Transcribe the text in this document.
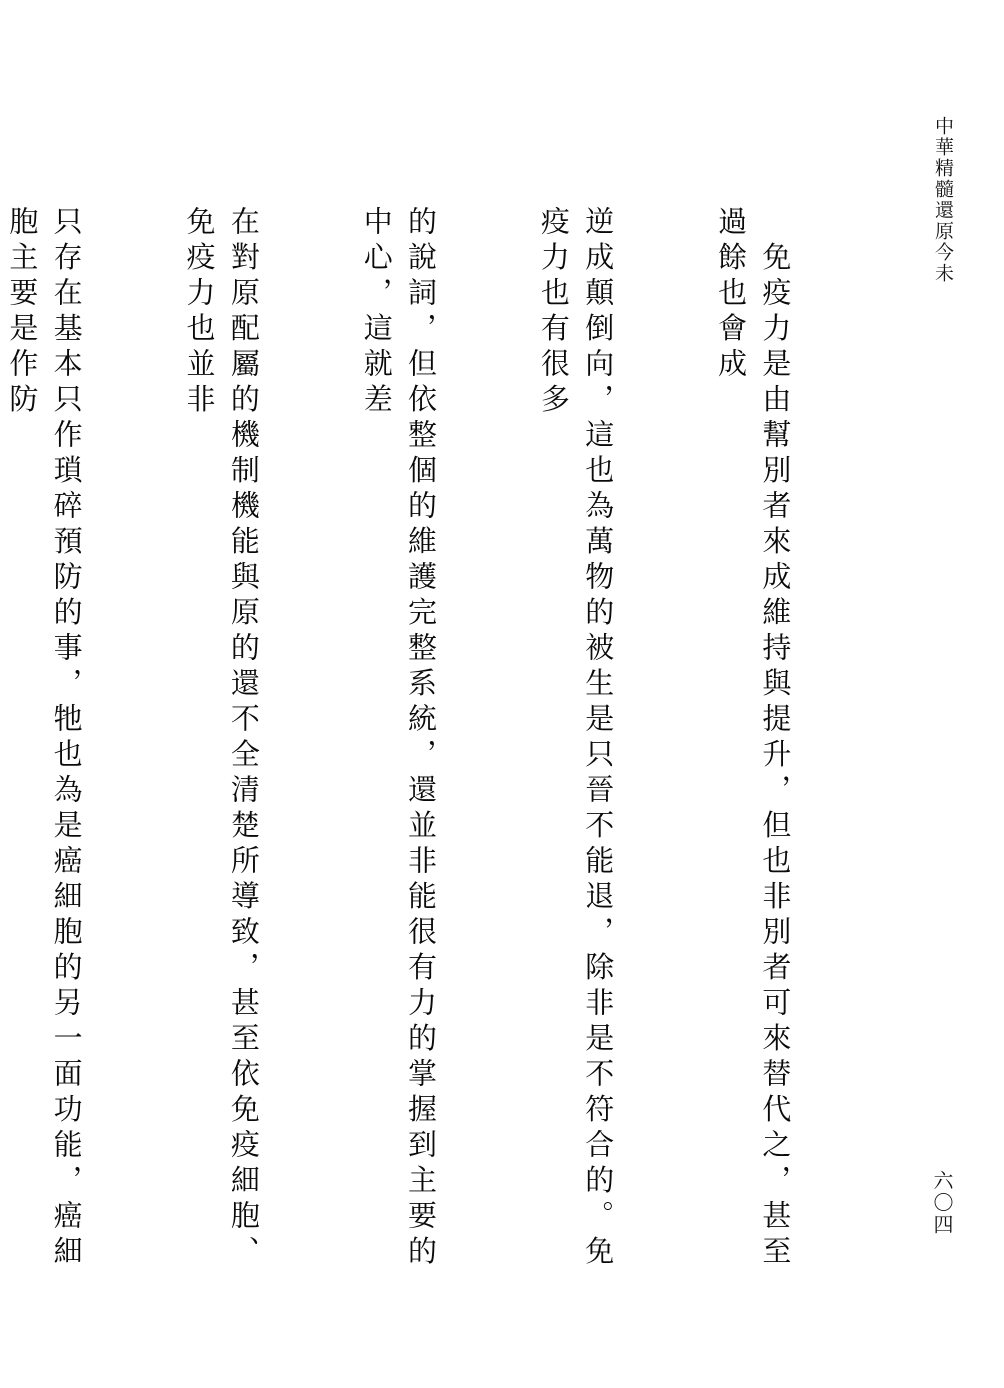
中華精髓還原今未

　免疫力是由幫別者來成維持與提升，但也非別者可來替代之，甚至過餘也會成

逆成顛倒向，這也為萬物的被生是只晉不能退，除非是不符合的。免疫力也有很多

的說詞，但依整個的維護完整系統，還並非能很有力的掌握到主要的中心，這就差

在對原配屬的機制機能與原的還不全清楚所導致，甚至依免疫細胞、免疫力也並非

只存在基本只作瑣碎預防的事，牠也為是癌細胞的另一面功能，癌細胞主要是作防

六〇四
